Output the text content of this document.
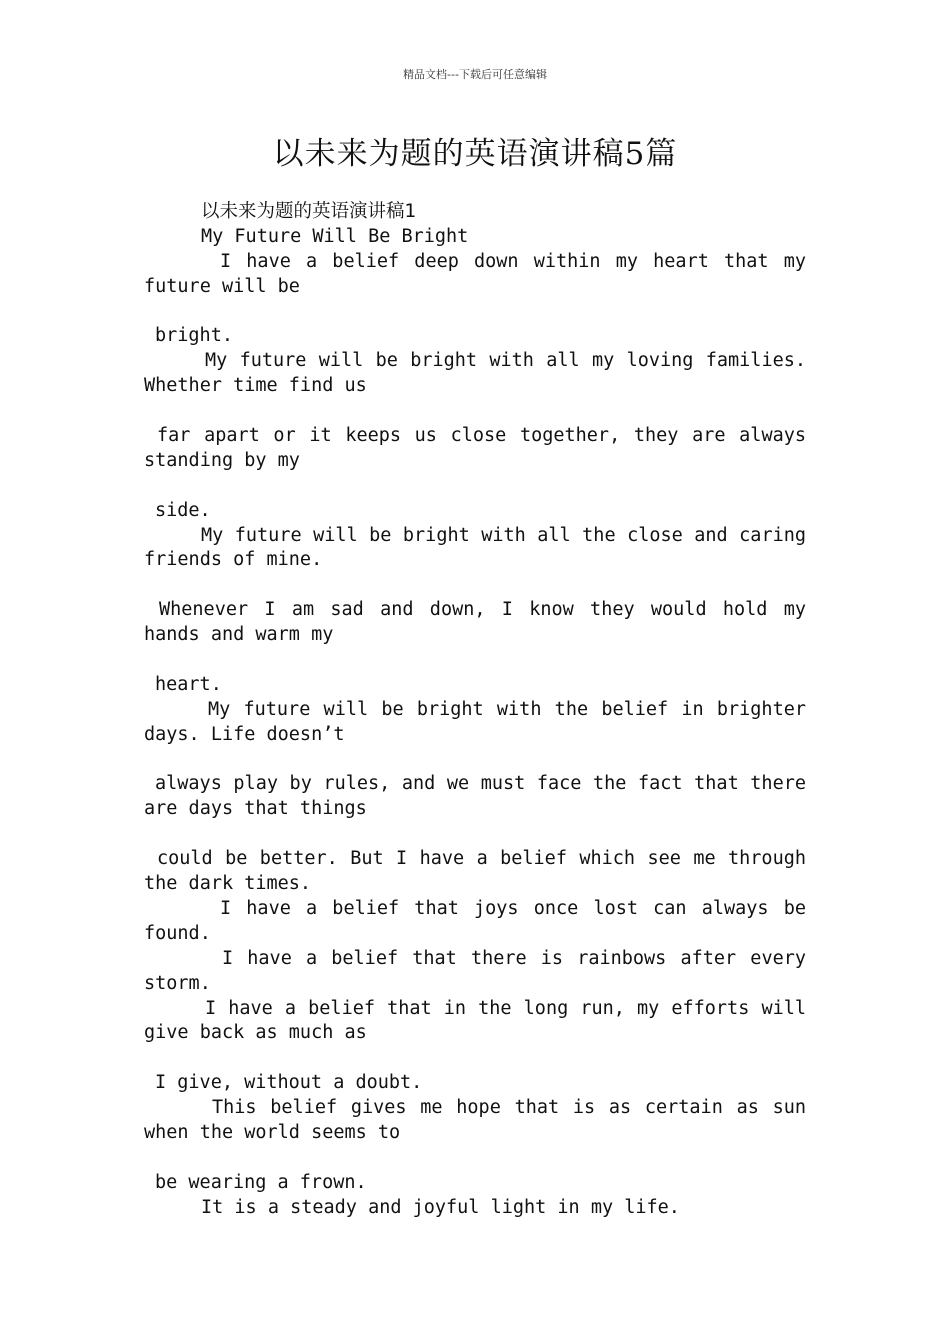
精品文档---下载后可任意编辑
以未来为题的英语演讲稿5篇
以未来为题的英语演讲稿1
My Future Will Be Bright
I have a belief deep down within my heart that my
future will be
bright.
My future will be bright with all my loving families.
Whether time find us
far apart or it keeps us close together, they are always
standing by my
side.
My future will be bright with all the close and caring
friends of mine.
Whenever I am sad and down, I know they would hold my
hands and warm my
heart.
My future will be bright with the belief in brighter
days. Life doesn’t
always play by rules, and we must face the fact that there
are days that things
could be better. But I have a belief which see me through
the dark times.
I have a belief that joys once lost can always be
found.
I have a belief that there is rainbows after every
storm.
I have a belief that in the long run, my efforts will
give back as much as
I give, without a doubt.
This belief gives me hope that is as certain as sun
when the world seems to
be wearing a frown.
It is a steady and joyful light in my life.
